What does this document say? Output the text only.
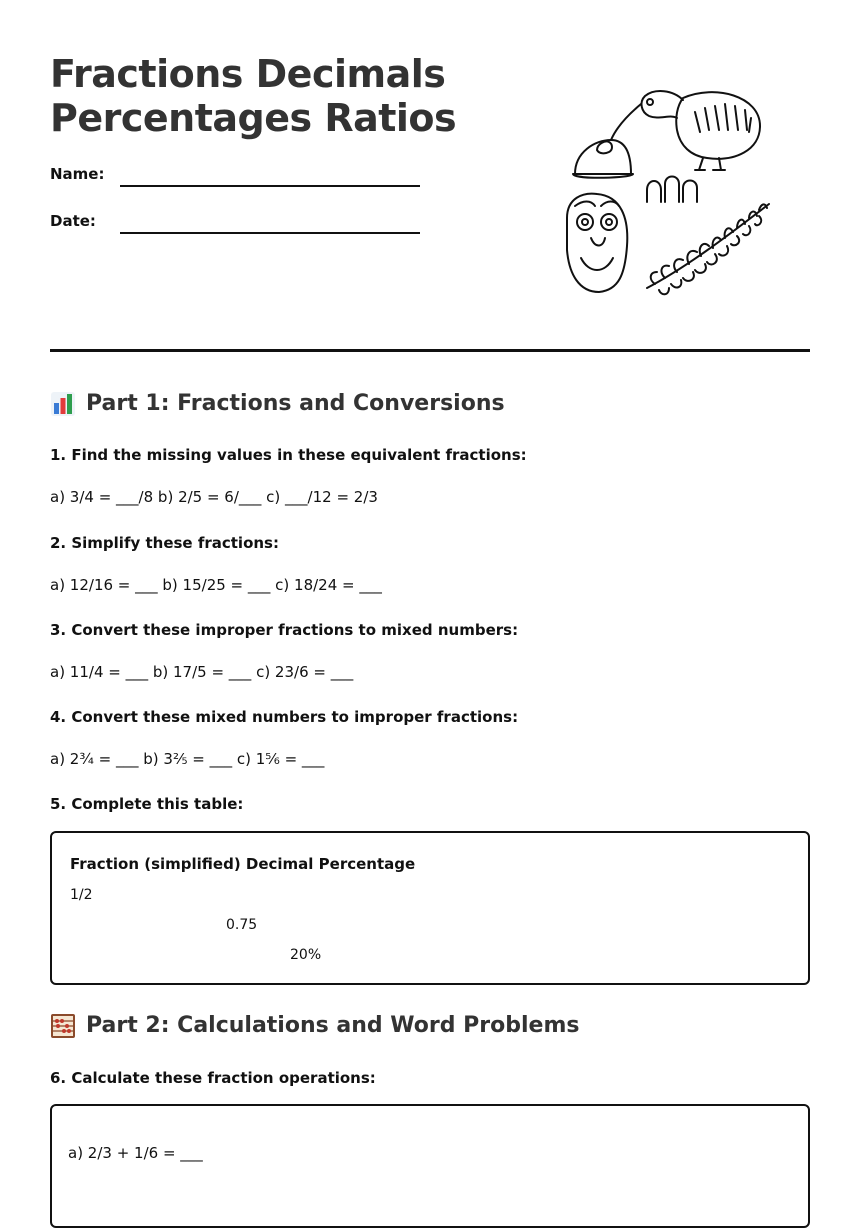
Fractions Decimals
Percentages Ratios
Name:
Date:
Part 1: Fractions and Conversions

1. Find the missing values in these equivalent fractions:

a) 3/4 = ___/8 b) 2/5 = 6/___ c) ___/12 = 2/3

2. Simplify these fractions:

a) 12/16 = ___ b) 15/25 = ___ c) 18/24 = ___

3. Convert these improper fractions to mixed numbers:

a) 11/4 = ___ b) 17/5 = ___ c) 23/6 = ___

4. Convert these mixed numbers to improper fractions:

a) 2¾ = ___ b) 3⅖ = ___ c) 1⅚ = ___

5. Complete this table:

Fraction (simplified) Decimal Percentage
1/2
0.75
20%
Part 2: Calculations and Word Problems

6. Calculate these fraction operations:

a) 2/3 + 1/6 = ___
